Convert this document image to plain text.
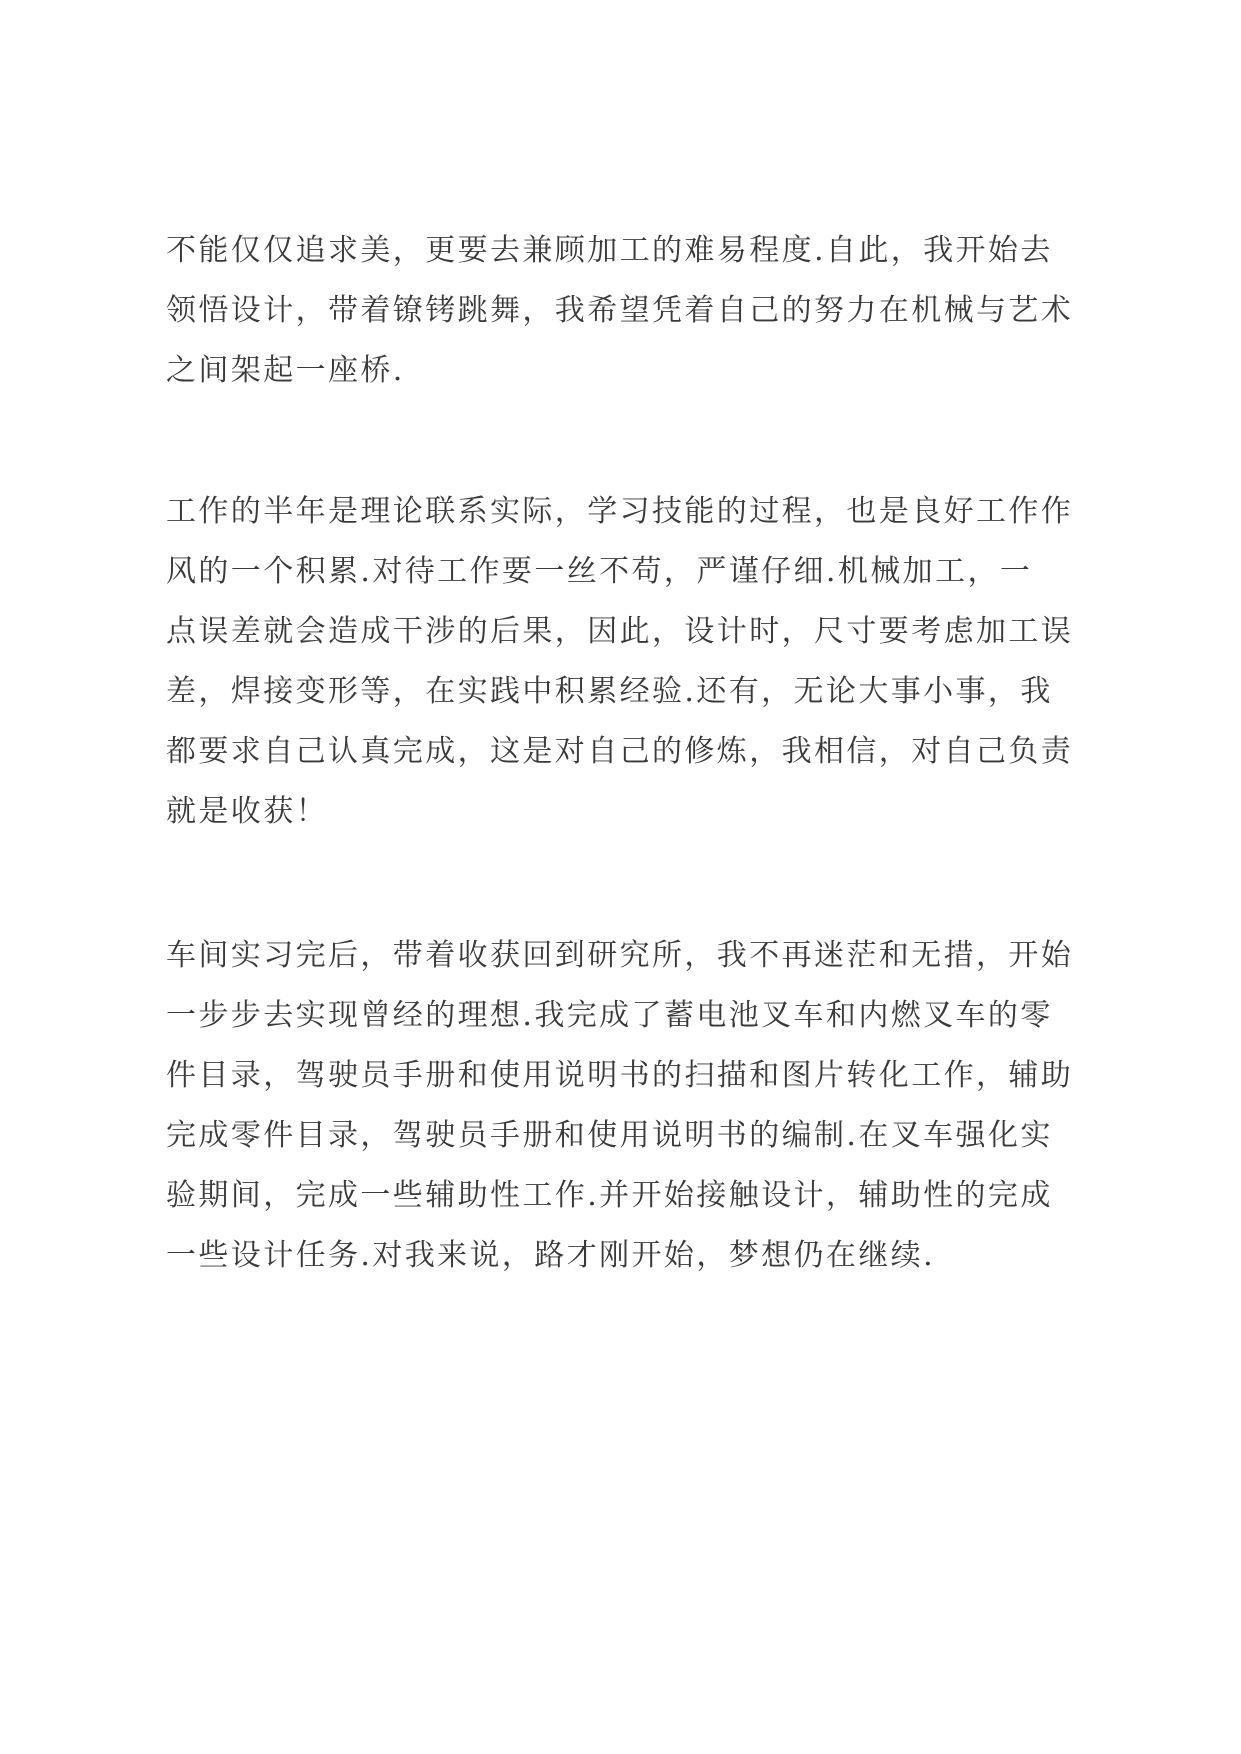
不能仅仅追求美，更要去兼顾加工的难易程度.自此，我开始去
领悟设计，带着镣铐跳舞，我希望凭着自己的努力在机械与艺术
之间架起一座桥.
工作的半年是理论联系实际，学习技能的过程，也是良好工作作
风的一个积累.对待工作要一丝不苟，严谨仔细.机械加工，一
点误差就会造成干涉的后果，因此，设计时，尺寸要考虑加工误
差，焊接变形等，在实践中积累经验.还有，无论大事小事，我
都要求自己认真完成，这是对自己的修炼，我相信，对自己负责
就是收获！
车间实习完后，带着收获回到研究所，我不再迷茫和无措，开始
一步步去实现曾经的理想.我完成了蓄电池叉车和内燃叉车的零
件目录，驾驶员手册和使用说明书的扫描和图片转化工作，辅助
完成零件目录，驾驶员手册和使用说明书的编制.在叉车强化实
验期间，完成一些辅助性工作.并开始接触设计，辅助性的完成
一些设计任务.对我来说，路才刚开始，梦想仍在继续.
